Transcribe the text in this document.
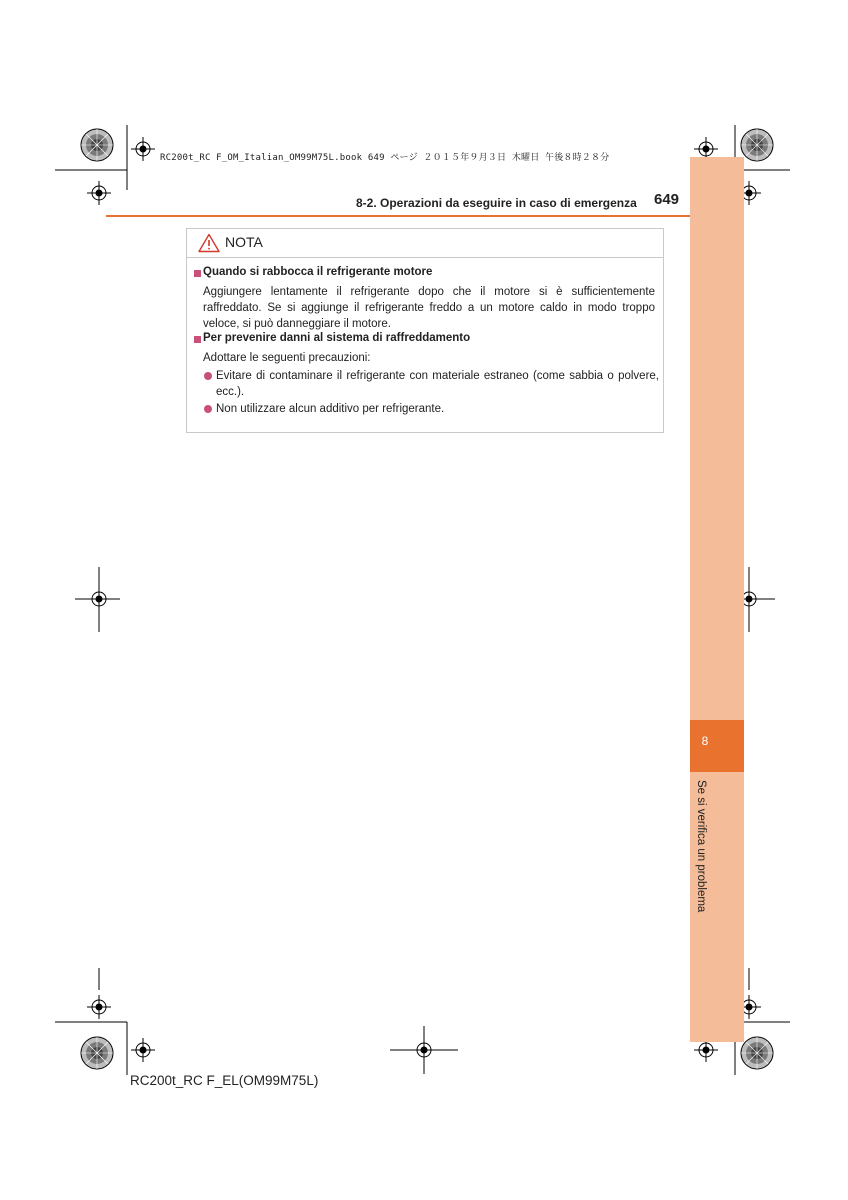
RC200t_RC F_OM_Italian_OM99M75L.book 649 ページ ２０１５年９月３日 木曜日 午後８時２８分
8
Se si verifica un problema
8-2. Operazioni da eseguire in caso di emergenza 649
NOTA
Quando si rabbocca il refrigerante motore
Aggiungere lentamente il refrigerante dopo che il motore si è sufficientemente raffreddato. Se si aggiunge il refrigerante freddo a un motore caldo in modo troppo veloce, si può danneggiare il motore.
Per prevenire danni al sistema di raffreddamento
Adottare le seguenti precauzioni:
Evitare di contaminare il refrigerante con materiale estraneo (come sabbia o polvere, ecc.).
Non utilizzare alcun additivo per refrigerante.
RC200t_RC F_EL(OM99M75L)
